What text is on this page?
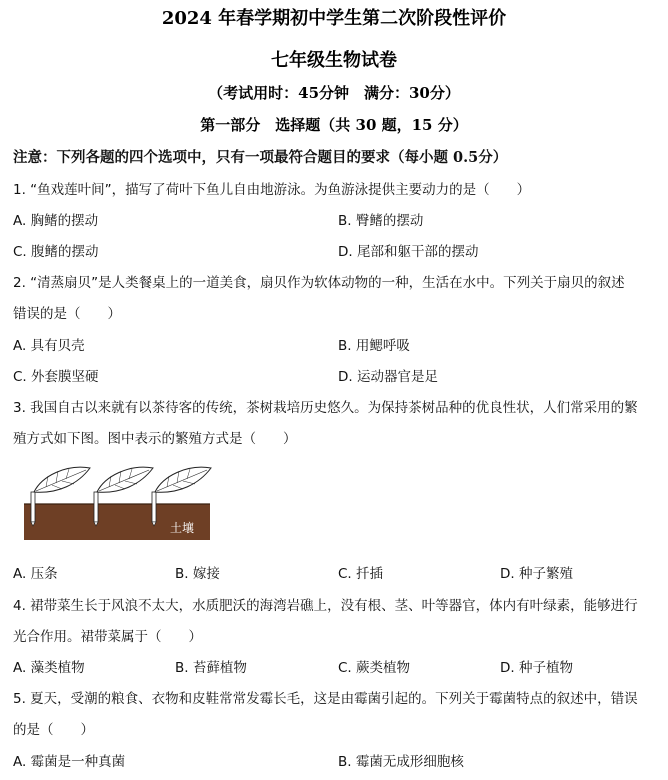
2024 年春学期初中学生第二次阶段性评价
七年级生物试卷
（考试用时：45分钟　满分：30分）
第一部分　选择题（共 30 题，15 分）
注意：下列各题的四个选项中，只有一项最符合题目的要求（每小题 0.5分）
1. “鱼戏莲叶间”，描写了荷叶下鱼儿自由地游泳。为鱼游泳提供主要动力的是（　　）
A. 胸鳍的摆动	B. 臀鳍的摆动
C. 腹鳍的摆动	D. 尾部和躯干部的摆动
2. “清蒸扇贝”是人类餐桌上的一道美食，扇贝作为软体动物的一种，生活在水中。下列关于扇贝的叙述
错误的是（　　）
A. 具有贝壳	B. 用鳃呼吸
C. 外套膜坚硬	D. 运动器官是足
3. 我国自古以来就有以茶待客的传统，茶树栽培历史悠久。为保持茶树品种的优良性状，人们常采用的繁
殖方式如下图。图中表示的繁殖方式是（　　）
土壤
A. 压条	B. 嫁接	C. 扦插	D. 种子繁殖
4. 裙带菜生长于风浪不太大，水质肥沃的海湾岩礁上，没有根、茎、叶等器官，体内有叶绿素，能够进行
光合作用。裙带菜属于（　　）
A. 藻类植物	B. 苔藓植物	C. 蕨类植物	D. 种子植物
5. 夏天，受潮的粮食、衣物和皮鞋常常发霉长毛，这是由霉菌引起的。下列关于霉菌特点的叙述中，错误
的是（　　）
A. 霉菌是一种真菌	B. 霉菌无成形细胞核
